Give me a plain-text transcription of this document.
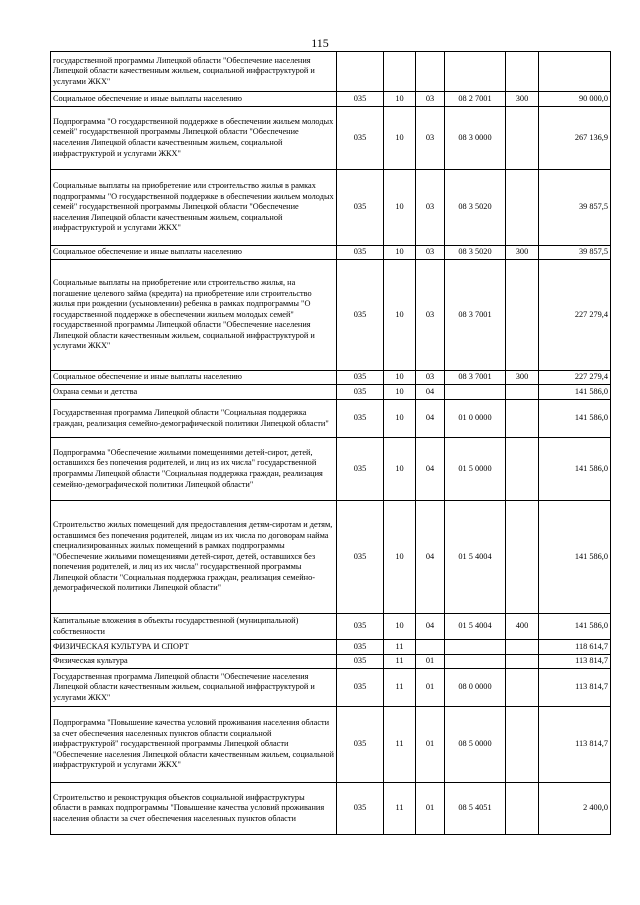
115
государственной программы Липецкой области "Обеспечение населения Липецкой области качественным жильем, социальной инфраструктурой и услугами ЖКХ"						
Социальное обеспечение и иные выплаты населению	035	10	03	08 2 7001	300	90 000,0
Подпрограмма "О государственной поддержке в обеспечении жильем молодых семей" государственной программы Липецкой области "Обеспечение населения Липецкой области качественным жильем, социальной инфраструктурой и услугами ЖКХ"	035	10	03	08 3 0000		267 136,9
Социальные выплаты на приобретение или строительство жилья в рамках подпрограммы "О государственной поддержке в обеспечении жильем молодых семей" государственной программы Липецкой области "Обеспечение населения Липецкой области качественным жильем, социальной инфраструктурой и услугами ЖКХ"	035	10	03	08 3 5020		39 857,5
Социальное обеспечение и иные выплаты населению	035	10	03	08 3 5020	300	39 857,5
Социальные выплаты на приобретение или строительство жилья, на погашение целевого займа (кредита) на приобретение или строительство жилья при рождении (усыновлении) ребенка в рамках подпрограммы "О государственной поддержке в обеспечении жильем молодых семей" государственной программы Липецкой области "Обеспечение населения Липецкой области качественным жильем, социальной инфраструктурой и услугами ЖКХ"	035	10	03	08 3 7001		227 279,4
Социальное обеспечение и иные выплаты населению	035	10	03	08 3 7001	300	227 279,4
Охрана семьи и детства	035	10	04			141 586,0
Государственная программа Липецкой области "Социальная поддержка граждан, реализация семейно-демографической политики Липецкой области"	035	10	04	01 0 0000		141 586,0
Подпрограмма "Обеспечение жильими помещениями детей-сирот, детей, оставшихся без попечения родителей, и лиц из их числа" государственной программы Липецкой области "Социальная поддержка граждан, реализация семейно-демографической политики Липецкой области"	035	10	04	01 5 0000		141 586,0
Строительство жилых помещений для предоставления детям-сиротам и детям, оставшимся без попечения родителей, лицам из их числа по договорам найма специализированных жилых помещений в рамках подпрограммы "Обеспечение жильими помещениями детей-сирот, детей, оставшихся без попечения родителей, и лиц из их числа" государственной программы Липецкой области "Социальная поддержка граждан, реализация семейно-демографической политики Липецкой области"	035	10	04	01 5 4004		141 586,0
Капитальные вложения в объекты государственной (муниципальной) собственности	035	10	04	01 5 4004	400	141 586,0
ФИЗИЧЕСКАЯ КУЛЬТУРА И СПОРТ	035	11				118 614,7
Физическая культура	035	11	01			113 814,7
Государственная программа Липецкой области "Обеспечение населения Липецкой области качественным жильем, социальной инфраструктурой и услугами ЖКХ"	035	11	01	08 0 0000		113 814,7
Подпрограмма "Повышение качества условий проживания населения области за счет обеспечения населенных пунктов области социальной инфраструктурой" государственной программы Липецкой области "Обеспечение населения Липецкой области качественным жильем, социальной инфраструктурой и услугами ЖКХ"	035	11	01	08 5 0000		113 814,7
Строительство и реконструкция объектов социальной инфраструктуры области в рамках подпрограммы "Повышение качества условий проживания населения области за счет обеспечения населенных пунктов области	035	11	01	08 5 4051		2 400,0
